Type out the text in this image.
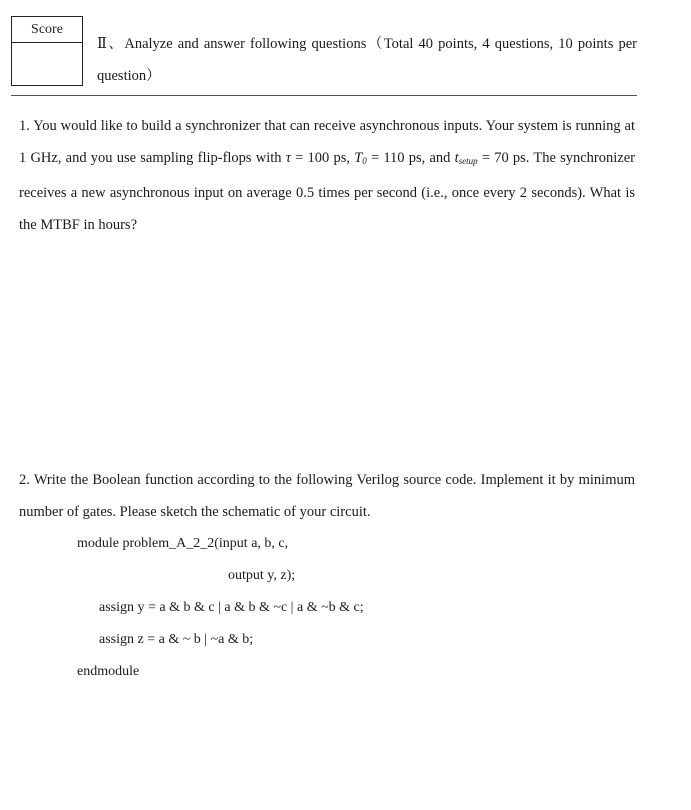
Score
Ⅱ、Analyze and answer following questions（Total 40 points, 4 questions, 10 points per
question）
1. You would like to build a synchronizer that can receive asynchronous inputs. Your system is running at
1 GHz, and you use sampling flip-flops with τ = 100 ps, $T_0 = 110$ ps, and $t_{setup} = 70$ ps. The synchronizer
receives a new asynchronous input on average 0.5 times per second (i.e., once every 2 seconds). What is
the MTBF in hours?
2. Write the Boolean function according to the following Verilog source code. Implement it by minimum
number of gates. Please sketch the schematic of your circuit.
module problem_A_2_2(input a, b, c,
output y, z);
assign y = a & b & c | a & b & ~c | a & ~b & c;
assign z = a & ~ b | ~a & b;
endmodule
